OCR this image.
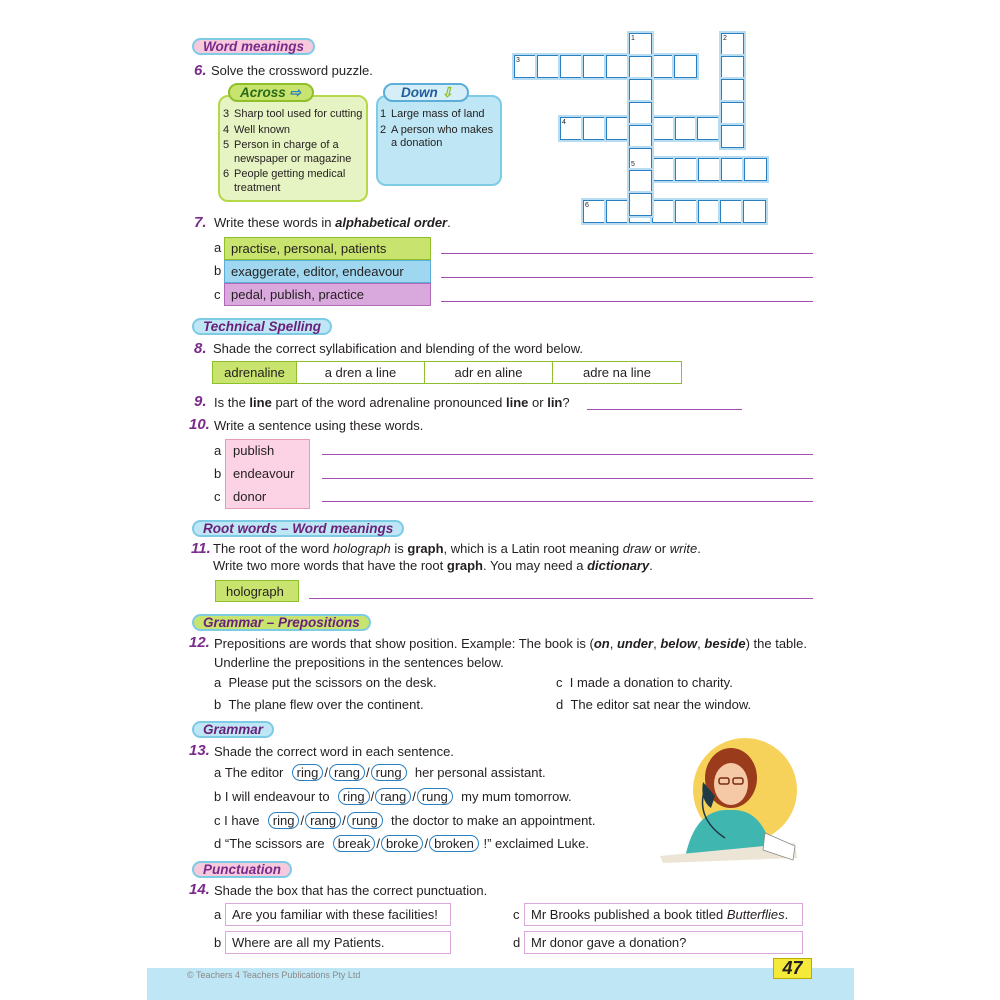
Word meanings
6. Solve the crossword puzzle.
Across ⇨
3 Sharp tool used for cutting
4 Well known
5 Person in charge of a newspaper or magazine
6 People getting medical treatment
Down ⇩
1 Large mass of land
2 A person who makes a donation
1	2
3
4
5
6
7. Write these words in alphabetical order.
a practise, personal, patients
b exaggerate, editor, endeavour
c pedal, publish, practice
Technical Spelling
8. Shade the correct syllabification and blending of the word below.
adrenaline	a dren a line	adr en aline	adre na line
9. Is the line part of the word adrenaline pronounced line or lin?
10. Write a sentence using these words.
a publish
b endeavour
c donor
Root words – Word meanings
11. The root of the word holograph is graph, which is a Latin root meaning draw or write.
Write two more words that have the root graph. You may need a dictionary.
holograph
Grammar – Prepositions
12. Prepositions are words that show position. Example: The book is (on, under, below, beside) the table.
Underline the prepositions in the sentences below.
a Please put the scissors on the desk.	c I made a donation to charity.
b The plane flew over the continent.	d The editor sat near the window.
Grammar
13. Shade the correct word in each sentence.
a The editor ring / rang / rung her personal assistant.
b I will endeavour to ring / rang / rung my mum tomorrow.
c I have ring / rang / rung the doctor to make an appointment.
d “The scissors are break / broke / broken !” exclaimed Luke.
Punctuation
14. Shade the box that has the correct punctuation.
a Are you familiar with these facilities!
b Where are all my Patients.
c Mr Brooks published a book titled Butterflies.
d Mr donor gave a donation?
© Teachers 4 Teachers Publications Pty Ltd	47
